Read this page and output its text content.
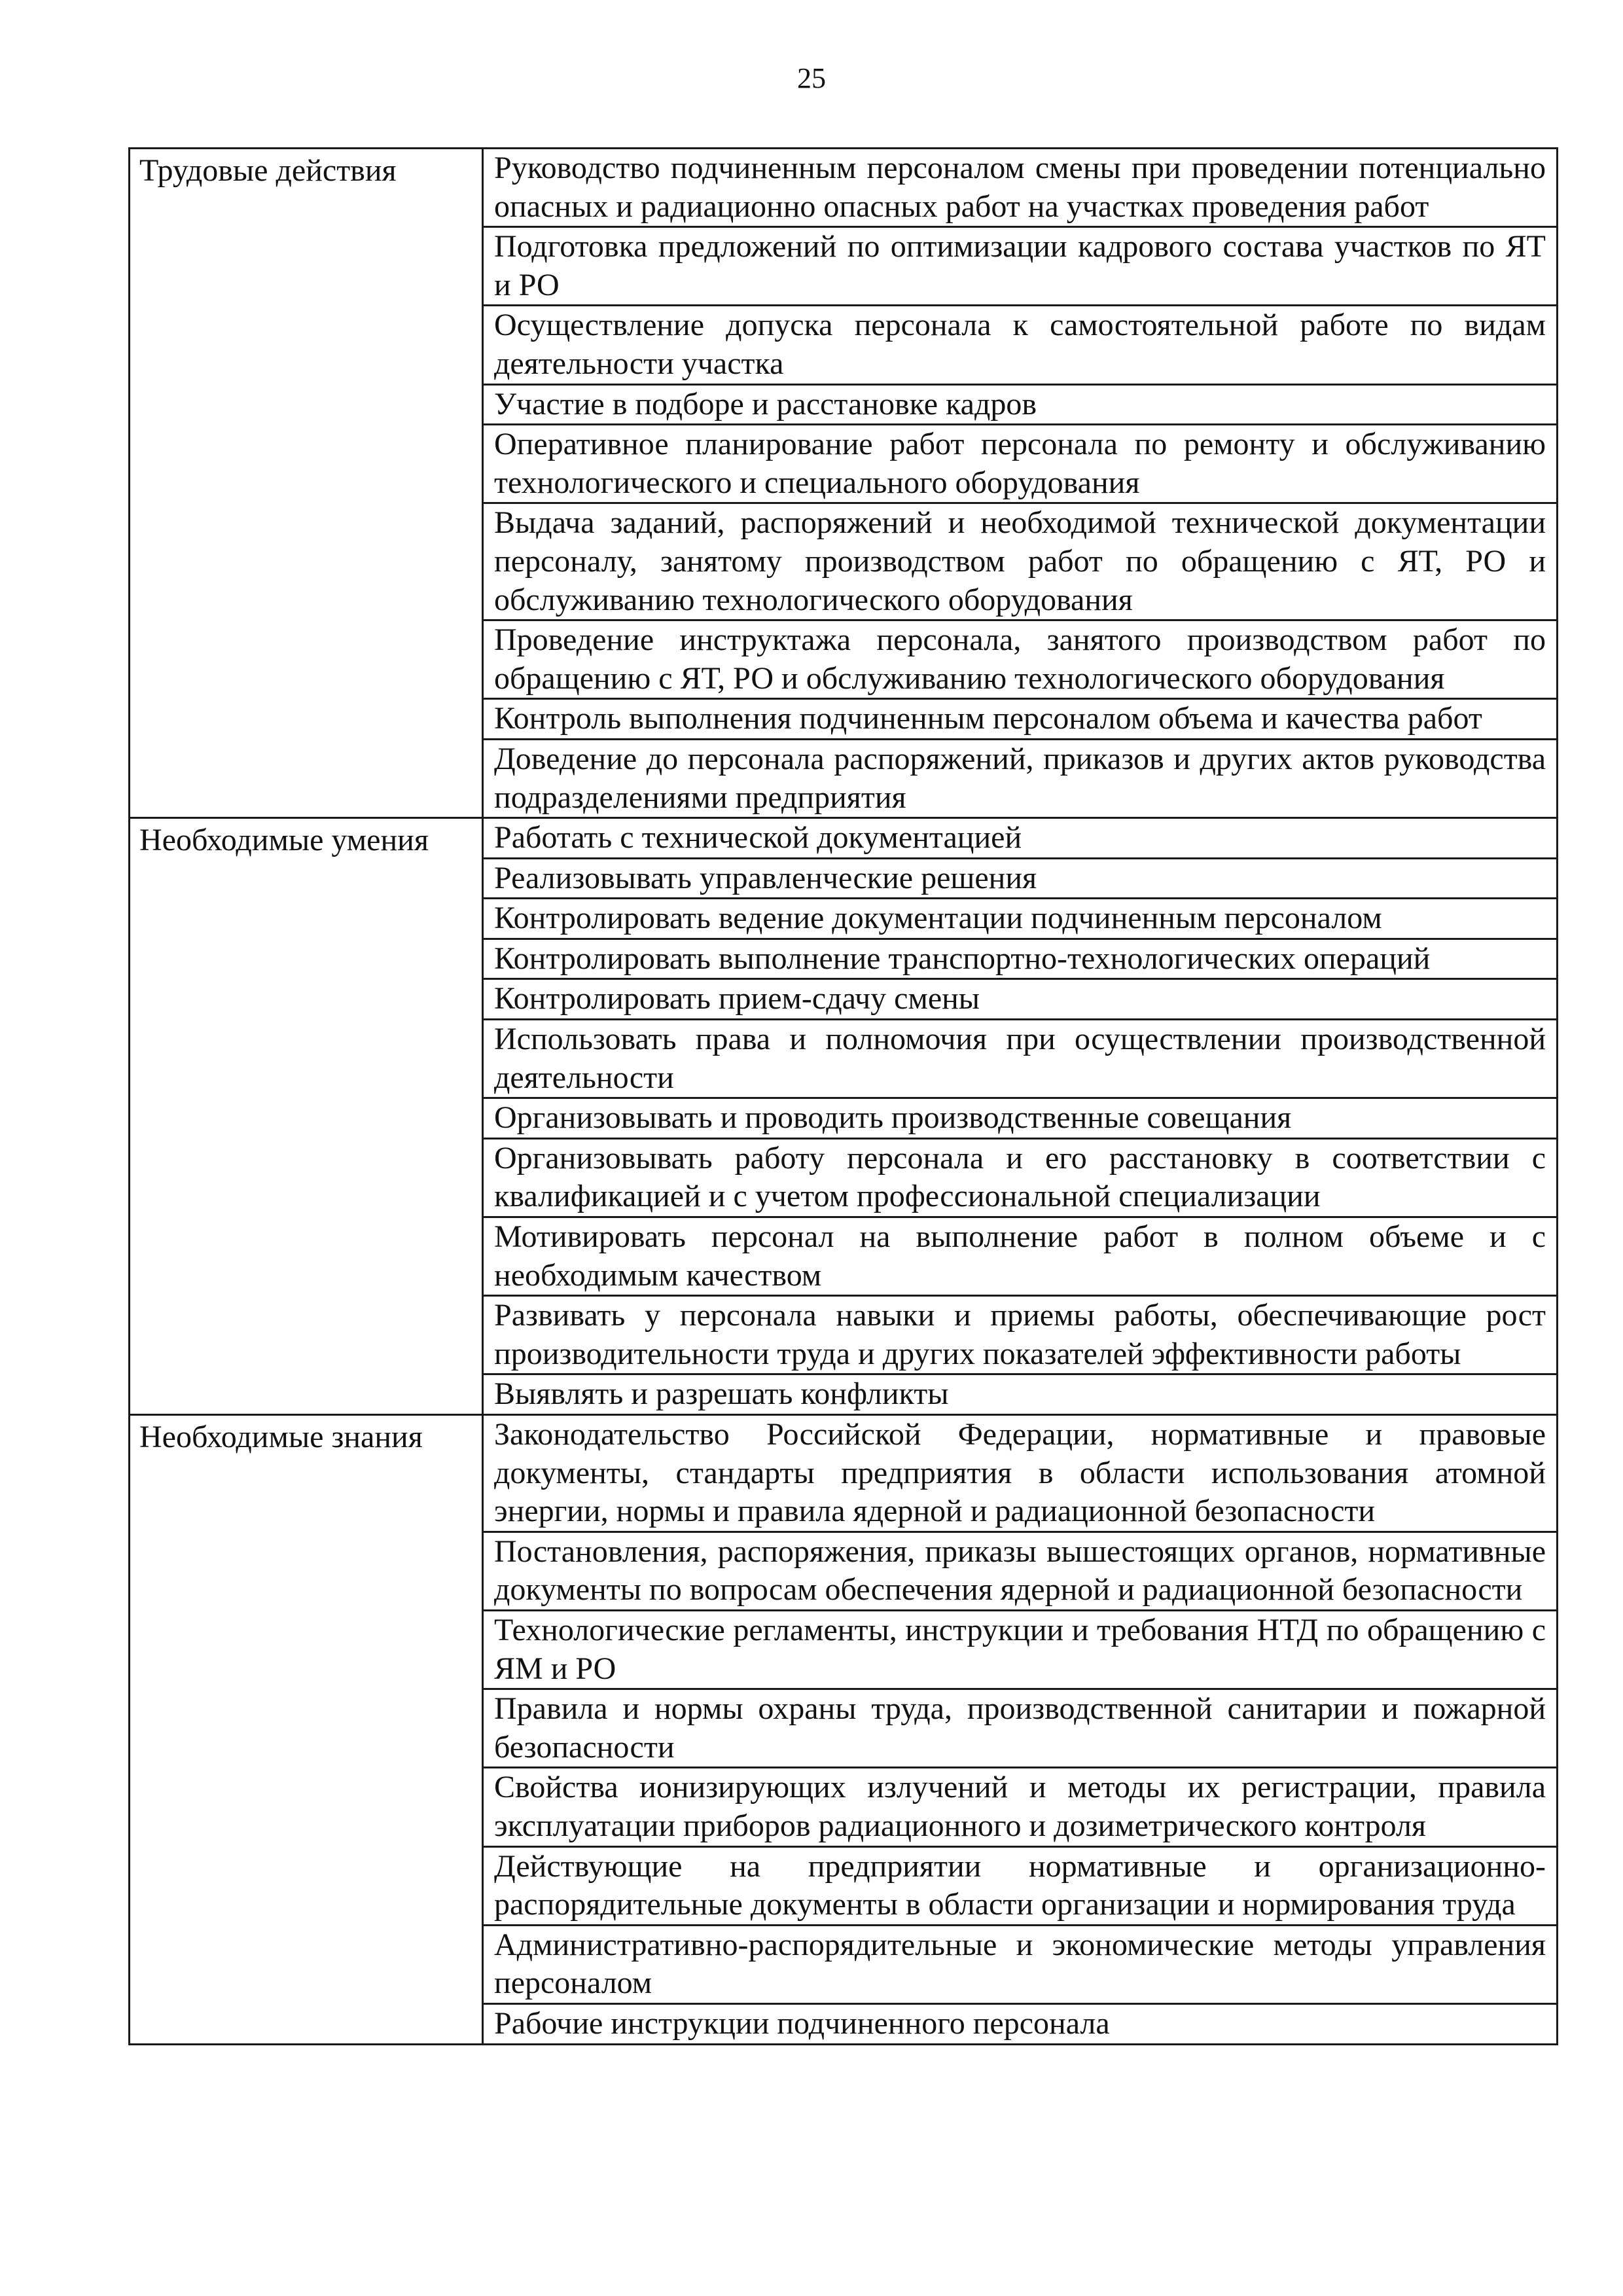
25
Трудовые действия	Руководство подчиненным персоналом смены при проведении потенциально опасных и радиационно опасных работ на участках проведения работ
	Подготовка предложений по оптимизации кадрового состава участков по ЯТ и РО
	Осуществление допуска персонала к самостоятельной работе по видам деятельности участка
	Участие в подборе и расстановке кадров
	Оперативное планирование работ персонала по ремонту и обслуживанию технологического и специального оборудования
	Выдача заданий, распоряжений и необходимой технической документации персоналу, занятому производством работ по обращению с ЯТ, РО и обслуживанию технологического оборудования
	Проведение инструктажа персонала, занятого производством работ по обращению с ЯТ, РО и обслуживанию технологического оборудования
	Контроль выполнения подчиненным персоналом объема и качества работ
	Доведение до персонала распоряжений, приказов и других актов руководства подразделениями предприятия
Необходимые умения	Работать с технической документацией
	Реализовывать управленческие решения
	Контролировать ведение документации подчиненным персоналом
	Контролировать выполнение транспортно-технологических операций
	Контролировать прием-сдачу смены
	Использовать права и полномочия при осуществлении производственной деятельности
	Организовывать и проводить производственные совещания
	Организовывать работу персонала и его расстановку в соответствии с квалификацией и с учетом профессиональной специализации
	Мотивировать персонал на выполнение работ в полном объеме и с необходимым качеством
	Развивать у персонала навыки и приемы работы, обеспечивающие рост производительности труда и других показателей эффективности работы
	Выявлять и разрешать конфликты
Необходимые знания	Законодательство Российской Федерации, нормативные и правовые документы, стандарты предприятия в области использования атомной энергии, нормы и правила ядерной и радиационной безопасности
	Постановления, распоряжения, приказы вышестоящих органов, нормативные документы по вопросам обеспечения ядерной и радиационной безопасности
	Технологические регламенты, инструкции и требования НТД по обращению с ЯМ и РО
	Правила и нормы охраны труда, производственной санитарии и пожарной безопасности
	Свойства ионизирующих излучений и методы их регистрации, правила эксплуатации приборов радиационного и дозиметрического контроля
	Действующие на предприятии нормативные и организационно-распорядительные документы в области организации и нормирования труда
	Административно-распорядительные и экономические методы управления персоналом
	Рабочие инструкции подчиненного персонала
